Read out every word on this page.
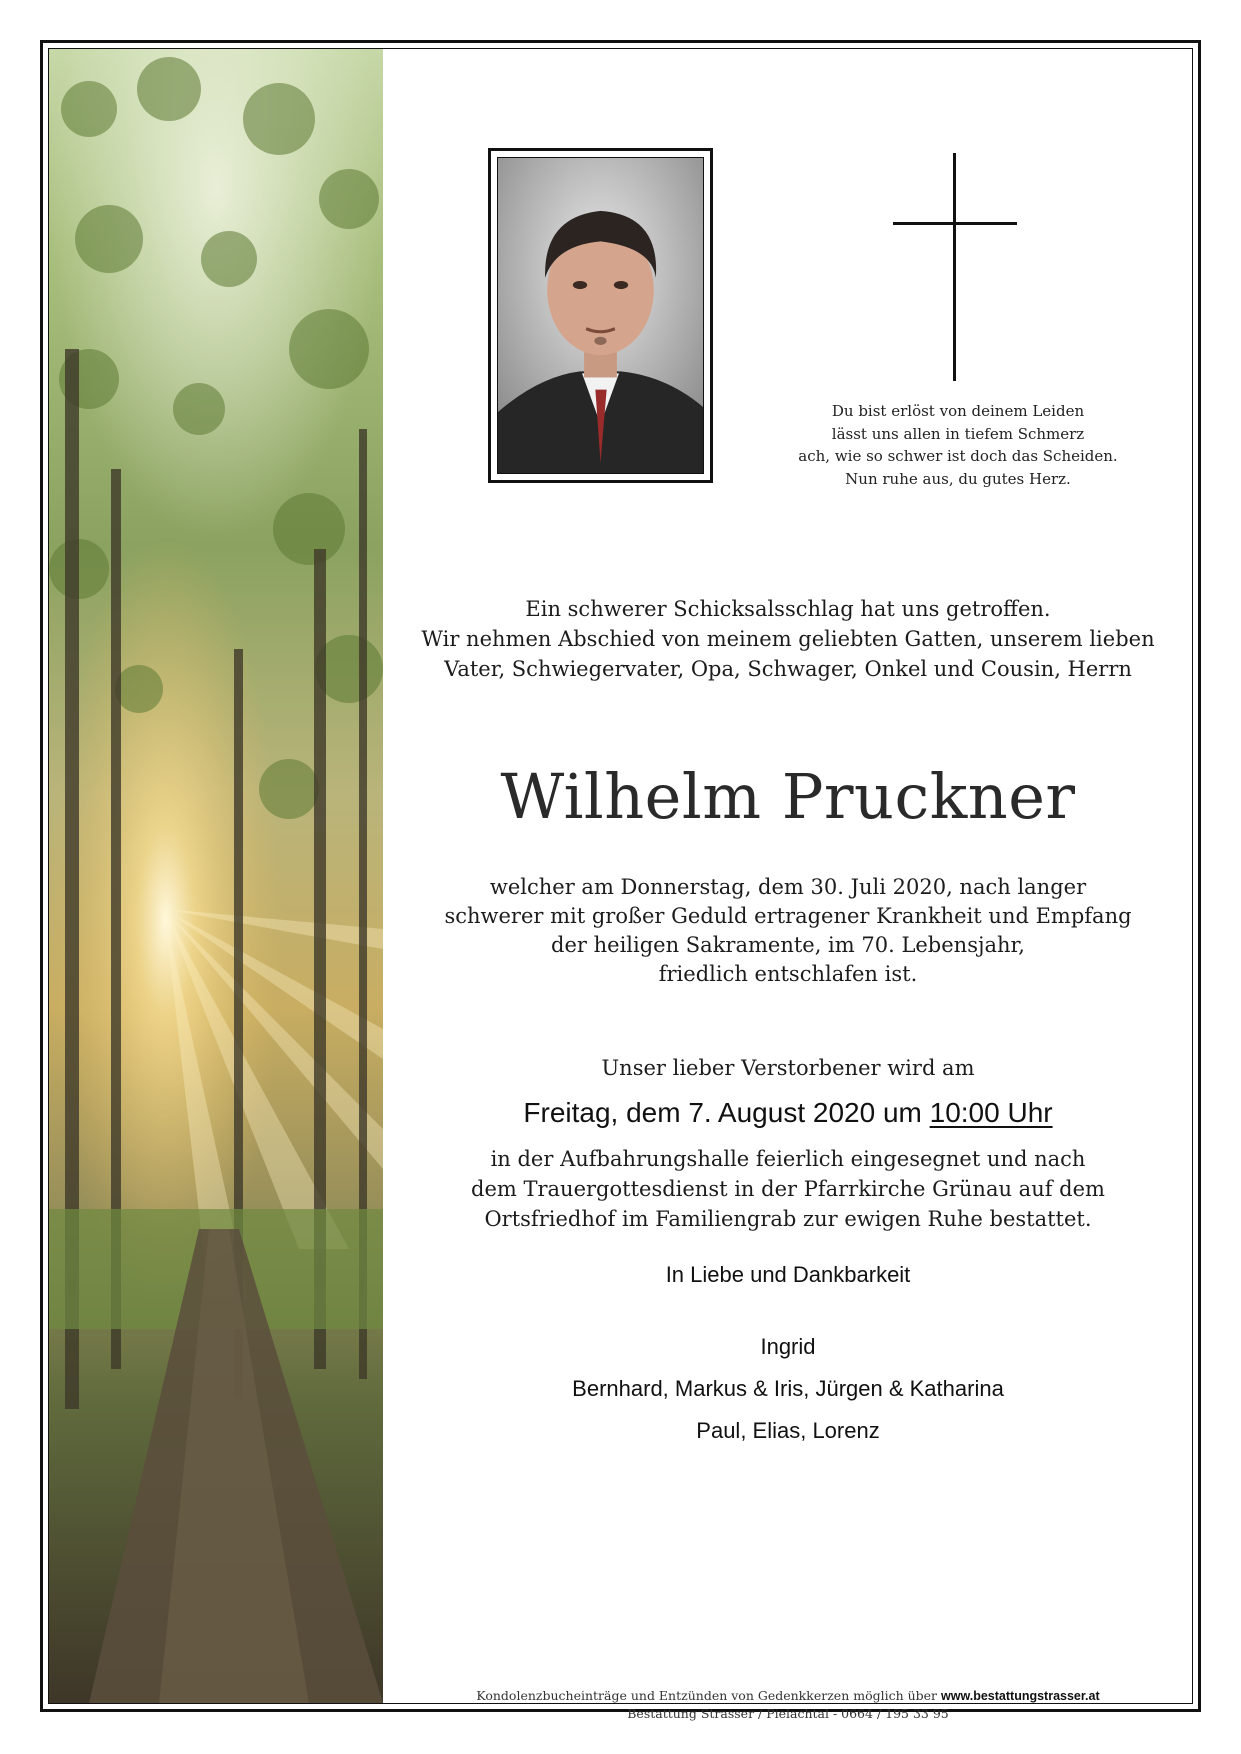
Du bist erlöst von deinem Leiden
lässt uns allen in tiefem Schmerz
ach, wie so schwer ist doch das Scheiden.
Nun ruhe aus, du gutes Herz.
Ein schwerer Schicksalsschlag hat uns getroffen.
Wir nehmen Abschied von meinem geliebten Gatten, unserem lieben
Vater, Schwiegervater, Opa, Schwager, Onkel und Cousin, Herrn
Wilhelm Pruckner
welcher am Donnerstag, dem 30. Juli 2020, nach langer
schwerer mit großer Geduld ertragener Krankheit und Empfang
der heiligen Sakramente, im 70. Lebensjahr,
friedlich entschlafen ist.
Unser lieber Verstorbener wird am
Freitag, dem 7. August 2020 um 10:00 Uhr
in der Aufbahrungshalle feierlich eingesegnet und nach
dem Trauergottesdienst in der Pfarrkirche Grünau auf dem
Ortsfriedhof im Familiengrab zur ewigen Ruhe bestattet.
In Liebe und Dankbarkeit
Ingrid
Bernhard, Markus & Iris, Jürgen & Katharina
Paul, Elias, Lorenz
Kondolenzbucheinträge und Entzünden von Gedenkkerzen möglich über www.bestattungstrasser.at
Bestattung Strasser / Pielachtal - 0664 / 195 33 95
